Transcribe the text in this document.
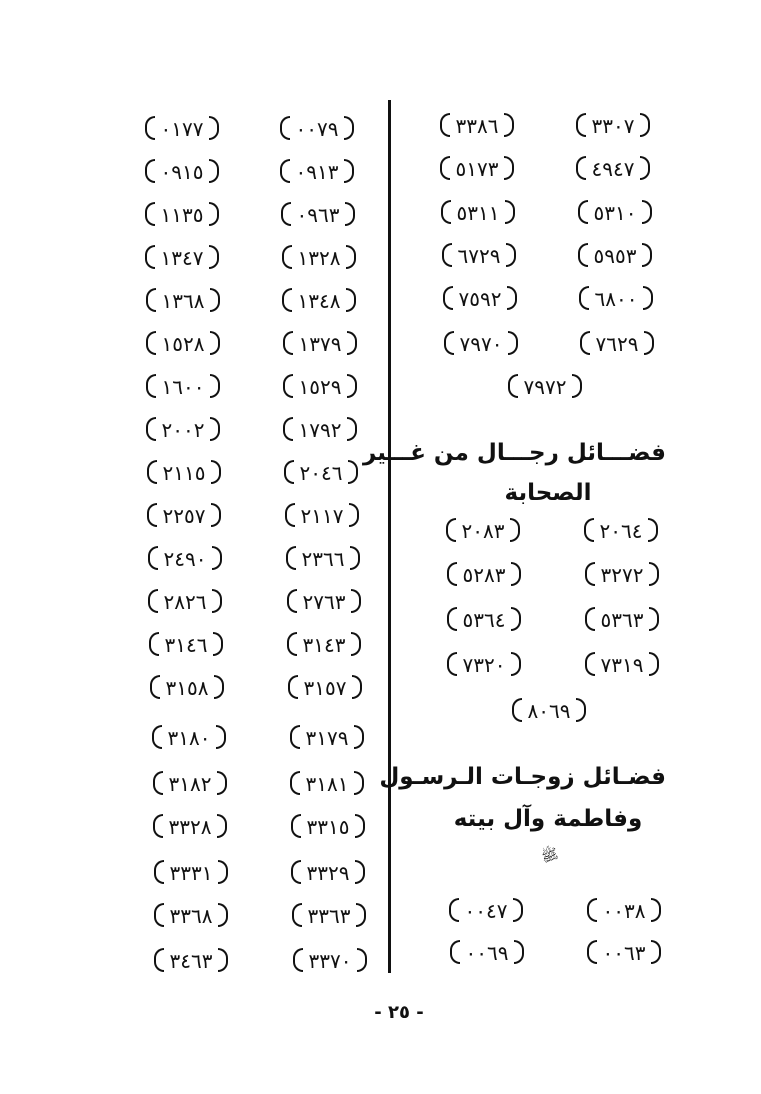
٠١٧٧
٠٩١٥
١١٣٥
١٣٤٧
١٣٦٨
١٥٢٨
١٦٠٠
٢٠٠٢
٢١١٥
٢٢٥٧
٢٤٩٠
٢٨٢٦
٣١٤٦
٣١٥٨
٣١٨٠
٣١٨٢
٣٣٢٨
٣٣٣١
٣٣٦٨
٣٤٦٣
٠٠٧٩
٠٩١٣
٠٩٦٣
١٣٢٨
١٣٤٨
١٣٧٩
١٥٢٩
١٧٩٢
٢٠٤٦
٢١١٧
٢٣٦٦
٢٧٦٣
٣١٤٣
٣١٥٧
٣١٧٩
٣١٨١
٣٣١٥
٣٣٢٩
٣٣٦٣
٣٣٧٠
٣٣٨٦
٥١٧٣
٥٣١١
٦٧٢٩
٧٥٩٢
٧٩٧٠
٣٣٠٧
٤٩٤٧
٥٣١٠
٥٩٥٣
٦٨٠٠
٧٦٢٩
٧٩٧٢
فضـــائل رجـــال من غـــير
الصحابة
٢٠٨٣
٥٢٨٣
٥٣٦٤
٧٣٢٠
٢٠٦٤
٣٢٧٢
٥٣٦٣
٧٣١٩
٨٠٦٩
فضـائل زوجـات الـرسـول
وفاطمة وآل بيته
ﷺ
٠٠٤٧
٠٠٦٩
٠٠٣٨
٠٠٦٣
- ٢٥ -
